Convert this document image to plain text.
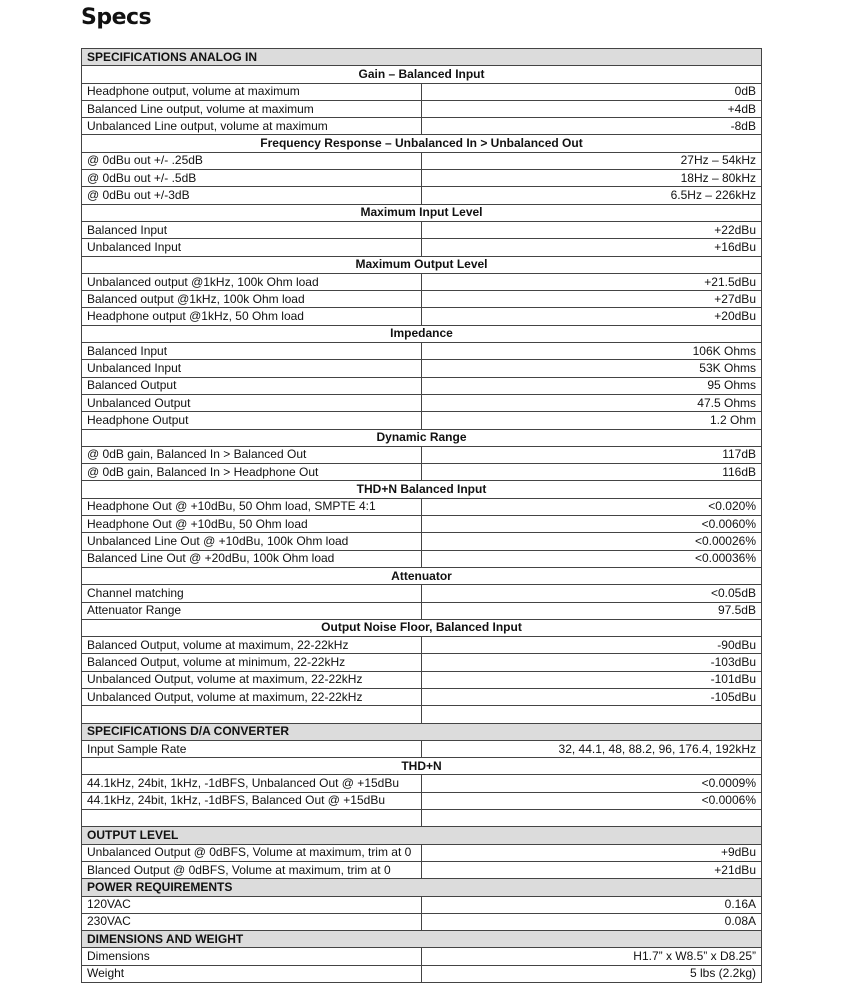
Specs
SPECIFICATIONS ANALOG IN	
Gain – Balanced Input	
Headphone output, volume at maximum	0dB
Balanced Line output, volume at maximum	+4dB
Unbalanced Line output, volume at maximum	-8dB
Frequency Response – Unbalanced In > Unbalanced Out	
@ 0dBu out +/- .25dB	27Hz – 54kHz
@ 0dBu out +/- .5dB	18Hz – 80kHz
@ 0dBu out +/-3dB	6.5Hz – 226kHz
Maximum Input Level	
Balanced Input	+22dBu
Unbalanced Input	+16dBu
Maximum Output Level	
Unbalanced output @1kHz, 100k Ohm load	+21.5dBu
Balanced output @1kHz, 100k Ohm load	+27dBu
Headphone output @1kHz, 50 Ohm load	+20dBu
Impedance	
Balanced Input	106K Ohms
Unbalanced Input	53K Ohms
Balanced Output	95 Ohms
Unbalanced Output	47.5 Ohms
Headphone Output	1.2 Ohm
Dynamic Range	
@ 0dB gain, Balanced In > Balanced Out	117dB
@ 0dB gain, Balanced In > Headphone Out	116dB
THD+N Balanced Input	
Headphone Out @ +10dBu, 50 Ohm load, SMPTE 4:1	<0.020%
Headphone Out @ +10dBu, 50 Ohm load	<0.0060%
Unbalanced Line Out @ +10dBu, 100k Ohm load	<0.00026%
Balanced Line Out @ +20dBu, 100k Ohm load	<0.00036%
Attenuator	
Channel matching	<0.05dB
Attenuator Range	97.5dB
Output Noise Floor, Balanced Input	
Balanced Output, volume at maximum, 22-22kHz	-90dBu
Balanced Output, volume at minimum, 22-22kHz	-103dBu
Unbalanced Output, volume at maximum, 22-22kHz	-101dBu
Unbalanced Output, volume at maximum, 22-22kHz	-105dBu

SPECIFICATIONS D/A CONVERTER	
Input Sample Rate	32, 44.1, 48, 88.2, 96, 176.4, 192kHz
THD+N	
44.1kHz, 24bit, 1kHz, -1dBFS, Unbalanced Out @ +15dBu	<0.0009%
44.1kHz, 24bit, 1kHz, -1dBFS, Balanced Out @ +15dBu	<0.0006%

OUTPUT LEVEL	
Unbalanced Output @ 0dBFS, Volume at maximum, trim at 0	+9dBu
Blanced Output @ 0dBFS, Volume at maximum, trim at 0	+21dBu
POWER REQUIREMENTS	
120VAC	0.16A
230VAC	0.08A
DIMENSIONS AND WEIGHT	
Dimensions	H1.7” x W8.5” x D8.25”
Weight	5 lbs (2.2kg)
